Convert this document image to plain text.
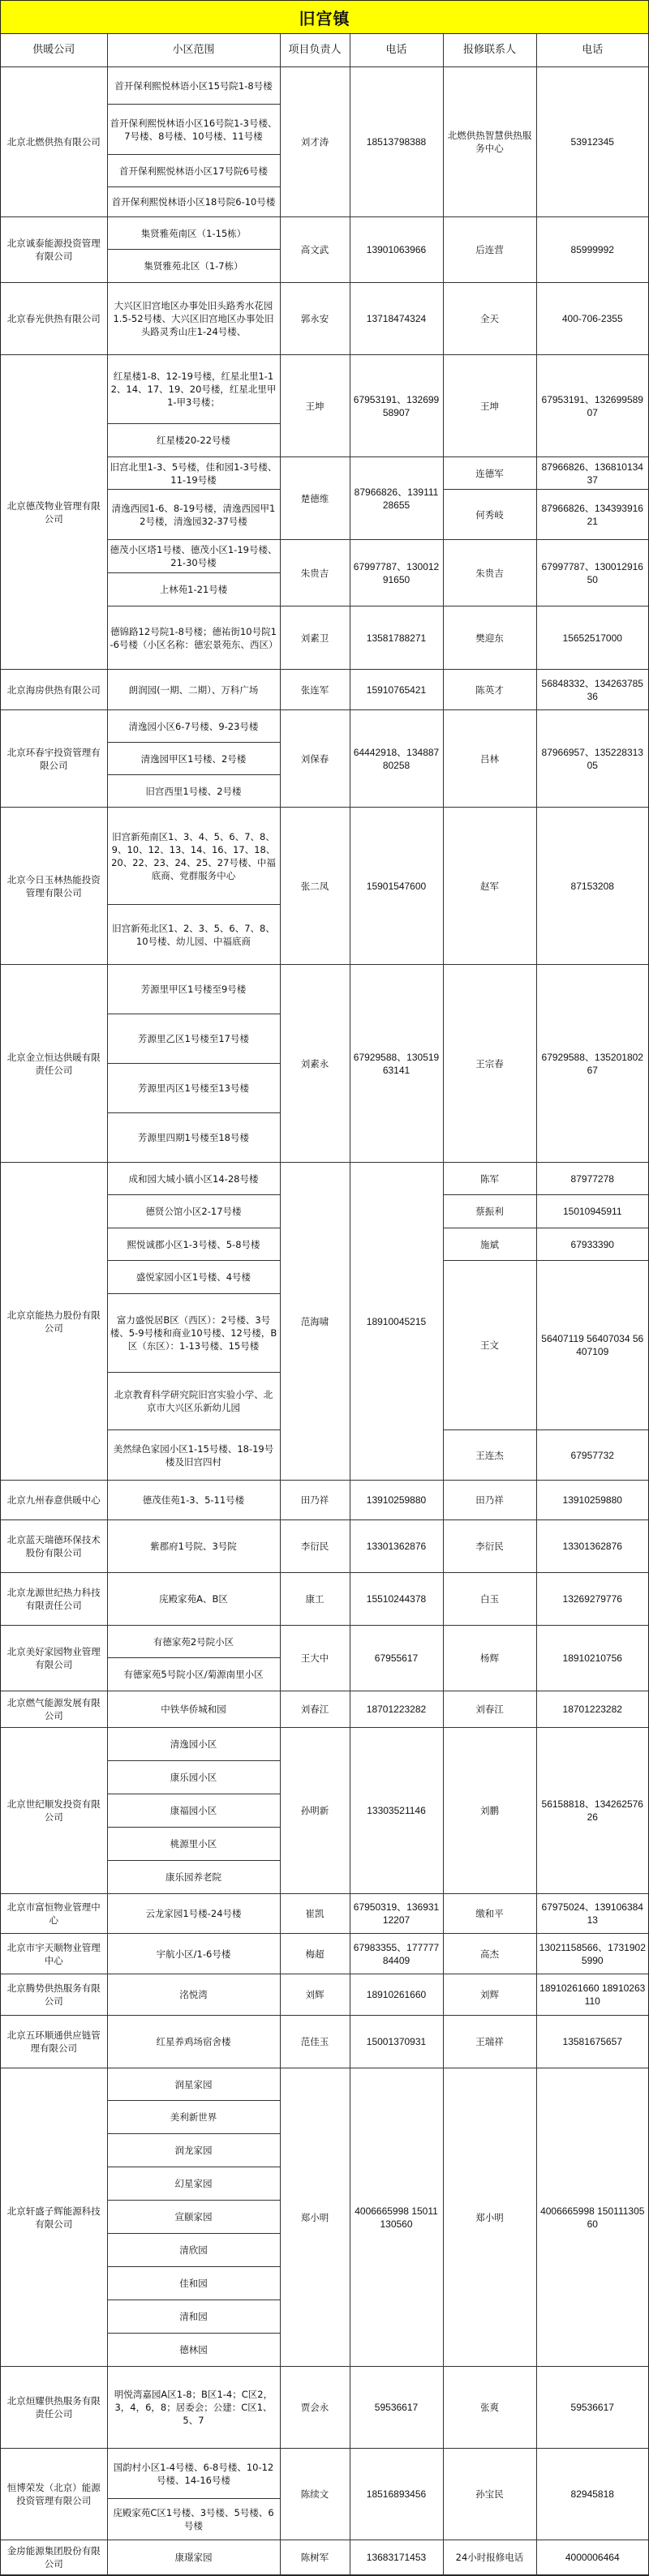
旧宫镇
供暖公司	小区范围	项目负责人	电话	报修联系人	电话
北京北燃供热有限公司	首开保利熙悦林语小区15号院1-8号楼	刘才涛	18513798388	北燃供热智慧供热服务中心	53912345
	首开保利熙悦林语小区16号院1-3号楼、7号楼、8号楼、10号楼、11号楼				
	首开保利熙悦林语小区17号院6号楼				
	首开保利熙悦林语小区18号院6-10号楼				
北京诚泰能源投资管理有限公司	集贤雅苑南区（1-15栋）	高文武	13901063966	后连营	85999992
	集贤雅苑北区（1-7栋）				
北京春光供热有限公司	大兴区旧宫地区办事处旧头路秀水花园1.5-52号楼、大兴区旧宫地区办事处旧头路灵秀山庄1-24号楼、	郭永安	13718474324	全天	400-706-2355
北京德茂物业管理有限公司	红星楼1-8、12-19号楼，红星北里1-12、14、17、19、20号楼，红星北里甲1-甲3号楼；	王坤	67953191、13269958907	王坤	67953191、13269958907
	红星楼20-22号楼				
	旧宫北里1-3、5号楼，佳和园1-3号楼、11-19号楼	楚德维	87966826、13911128655	连德军	87966826、13681013437
	清逸西园1-6、8-19号楼，清逸西园甲12号楼，清逸园32-37号楼			何秀岐	87966826、13439391621
	德茂小区塔1号楼、德茂小区1-19号楼、21-30号楼	朱贵吉	67997787、13001291650	朱贵吉	67997787、13001291650
	上林苑1-21号楼				
	德锦路12号院1-8号楼；德祐街10号院1-6号楼（小区名称：德宏景苑东、西区）	刘素卫	13581788271	樊迎东	15652517000
北京海房供热有限公司	朗润园(一期、二期）、万科广场	张连军	15910765421	陈英才	56848332、13426378536
北京环春宇投资管理有限公司	清逸园小区6-7号楼、9-23号楼	刘保春	64442918、13488780258	吕林	87966957、13522831305
	清逸园甲区1号楼、2号楼				
	旧宫西里1号楼、2号楼				
北京今日玉林热能投资管理有限公司	旧宫新苑南区1、3、4、5、6、7、8、9、10、12、13、14、16、17、18、20、22、23、24、25、27号楼、中福底商、党群服务中心	张二凤	15901547600	赵军	87153208
	旧宫新苑北区1、2、3、5、6、7、8、10号楼、幼儿园、中福底商				
北京金立恒达供暖有限责任公司	芳源里甲区1号楼至9号楼	刘素永	67929588、13051963141	王宗春	67929588、13520180267
	芳源里乙区1号楼至17号楼				
	芳源里丙区1号楼至13号楼				
	芳源里四期1号楼至18号楼				
北京京能热力股份有限公司	成和园大城小镇小区14-28号楼	范海啸	18910045215	陈军	87977278
	德贤公馆小区2-17号楼			蔡振利	15010945911
	熙悦诚郡小区1-3号楼、5-8号楼			施斌	67933390
	盛悦家园小区1号楼、4号楼			王文	56407119 56407034 56407109
	富力盛悦居B区（西区）：2号楼、3号楼、5-9号楼和商业10号楼、12号楼，B区（东区）：1-13号楼、15号楼				
	北京教育科学研究院旧宫实验小学、北京市大兴区乐新幼儿园				
	美然绿色家园小区1-15号楼、18-19号楼及旧宫四村			王连杰	67957732
北京九州春意供暖中心	德茂佳苑1-3、5-11号楼	田乃祥	13910259880	田乃祥	13910259880
北京蓝天瑞德环保技术股份有限公司	紫郡府1号院、3号院	李衍民	13301362876	李衍民	13301362876
北京龙源世纪热力科技有限责任公司	庑殿家苑A、B区	康工	15510244378	白玉	13269279776
北京美好家园物业管理有限公司	有德家苑2号院小区	王大中	67955617	杨辉	18910210756
	有德家苑5号院小区/菊源南里小区				
北京燃气能源发展有限公司	中铁华侨城和园	刘春江	18701223282	刘春江	18701223282
北京世纪顺发投资有限公司	清逸园小区	孙明新	13303521146	刘鹏	56158818、13426257626
	康乐园小区				
	康福园小区				
	桃源里小区				
	康乐园养老院				
北京市富恒物业管理中心	云龙家园1号楼-24号楼	崔凯	67950319、13693112207	缴和平	67975024、13910638413
北京市宇天顺物业管理中心	宇航小区/1-6号楼	梅超	67983355、17777784409	高杰	13021158566、17319025990
北京腾势供热服务有限公司	洺悦湾	刘辉	18910261660	刘辉	18910261660 18910263110
北京五环顺通供应链管理有限公司	红星养鸡场宿舍楼	范佳玉	15001370931	王瑞祥	13581675657
北京轩盛子辉能源科技有限公司	润星家园	郑小明	4006665998 15011130560	郑小明	4006665998 15011130560
	美利新世界				
	润龙家园				
	幻星家园				
	宣颐家园				
	清欣园				
	佳和园				
	清和园				
	德林园				
北京烜耀供热服务有限责任公司	明悦湾嘉园A区1-8；B区1-4；C区2，3，4，6，8；居委会；公建：C区1、5、7	贾会永	59536617	张爽	59536617
恒博荣发（北京）能源投资管理有限公司	国韵村小区1-4号楼、6-8号楼、10-12号楼、14-16号楼	陈续文	18516893456	孙宝民	82945818
	庑殿家苑C区1号楼、3号楼、5号楼、6号楼				
金房能源集团股份有限公司	康璟家园	陈树军	13683171453	24小时报修电话	4000006464
